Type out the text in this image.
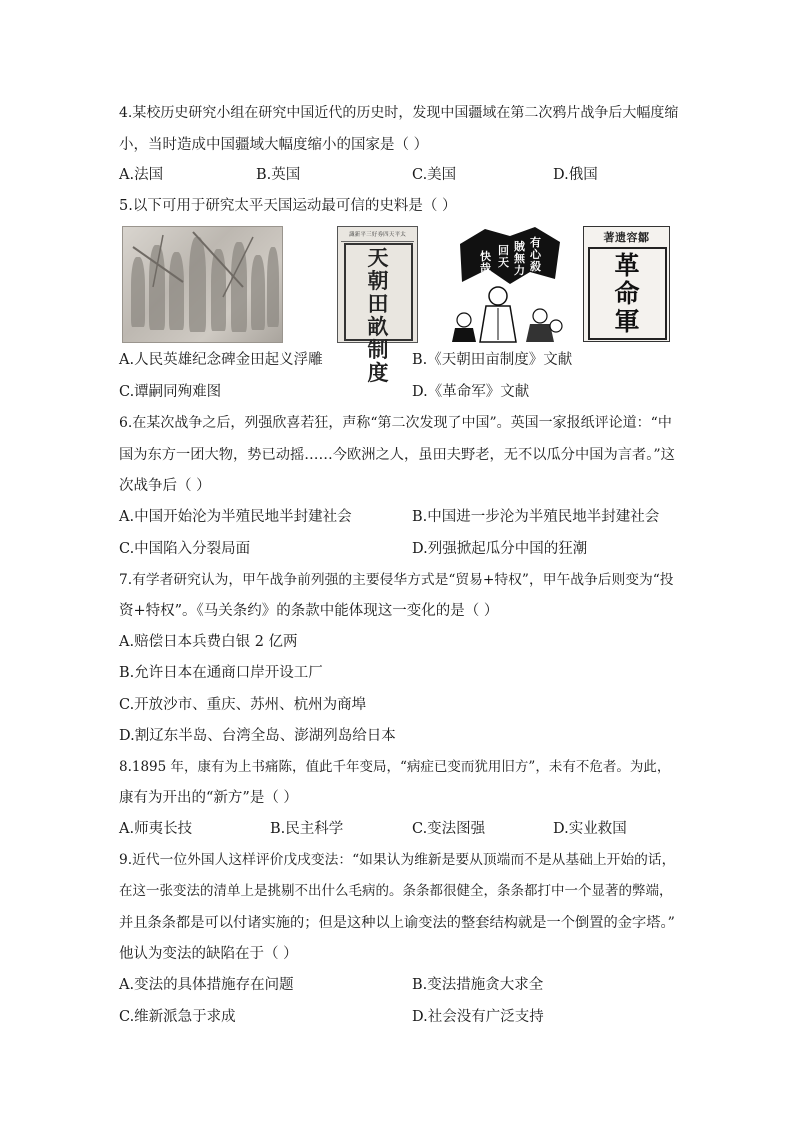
4.某校历史研究小组在研究中国近代的历史时，发现中国疆域在第二次鸦片战争后大幅度缩
小，当时造成中国疆域大幅度缩小的国家是（ ）
A.法国	B.英国	C.美国	D.俄国
5.以下可用于研究太平天国运动最可信的史料是（ ）
識新平三好劵四天平太
天朝田畝制度
有
心
殺
賊
無
力
回
天
快
哉
著遗容鄒
革命軍
A.人民英雄纪念碑金田起义浮雕	B.《天朝田亩制度》文献
C.谭嗣同殉难图	D.《革命军》文献
6.在某次战争之后，列强欣喜若狂，声称“第二次发现了中国”。英国一家报纸评论道：“中
国为东方一团大物，势已动摇……今欧洲之人，虽田夫野老，无不以瓜分中国为言者。”这
次战争后（ ）
A.中国开始沦为半殖民地半封建社会	B.中国进一步沦为半殖民地半封建社会
C.中国陷入分裂局面	D.列强掀起瓜分中国的狂潮
7.有学者研究认为，甲午战争前列强的主要侵华方式是“贸易+特权”，甲午战争后则变为“投
资+特权”。《马关条约》的条款中能体现这一变化的是（ ）
A.赔偿日本兵费白银 2 亿两
B.允许日本在通商口岸开设工厂
C.开放沙市、重庆、苏州、杭州为商埠
D.割辽东半岛、台湾全岛、澎湖列岛给日本
8.1895 年，康有为上书痛陈，值此千年变局，“病症已变而犹用旧方”，未有不危者。为此，
康有为开出的“新方”是（ ）
A.师夷长技	B.民主科学	C.变法图强	D.实业救国
9.近代一位外国人这样评价戊戌变法：“如果认为维新是要从顶端而不是从基础上开始的话，
在这一张变法的清单上是挑剔不出什么毛病的。条条都很健全，条条都打中一个显著的弊端，
并且条条都是可以付诸实施的；但是这种以上谕变法的整套结构就是一个倒置的金字塔。”
他认为变法的缺陷在于（ ）
A.变法的具体措施存在问题	B.变法措施贪大求全
C.维新派急于求成	D.社会没有广泛支持
